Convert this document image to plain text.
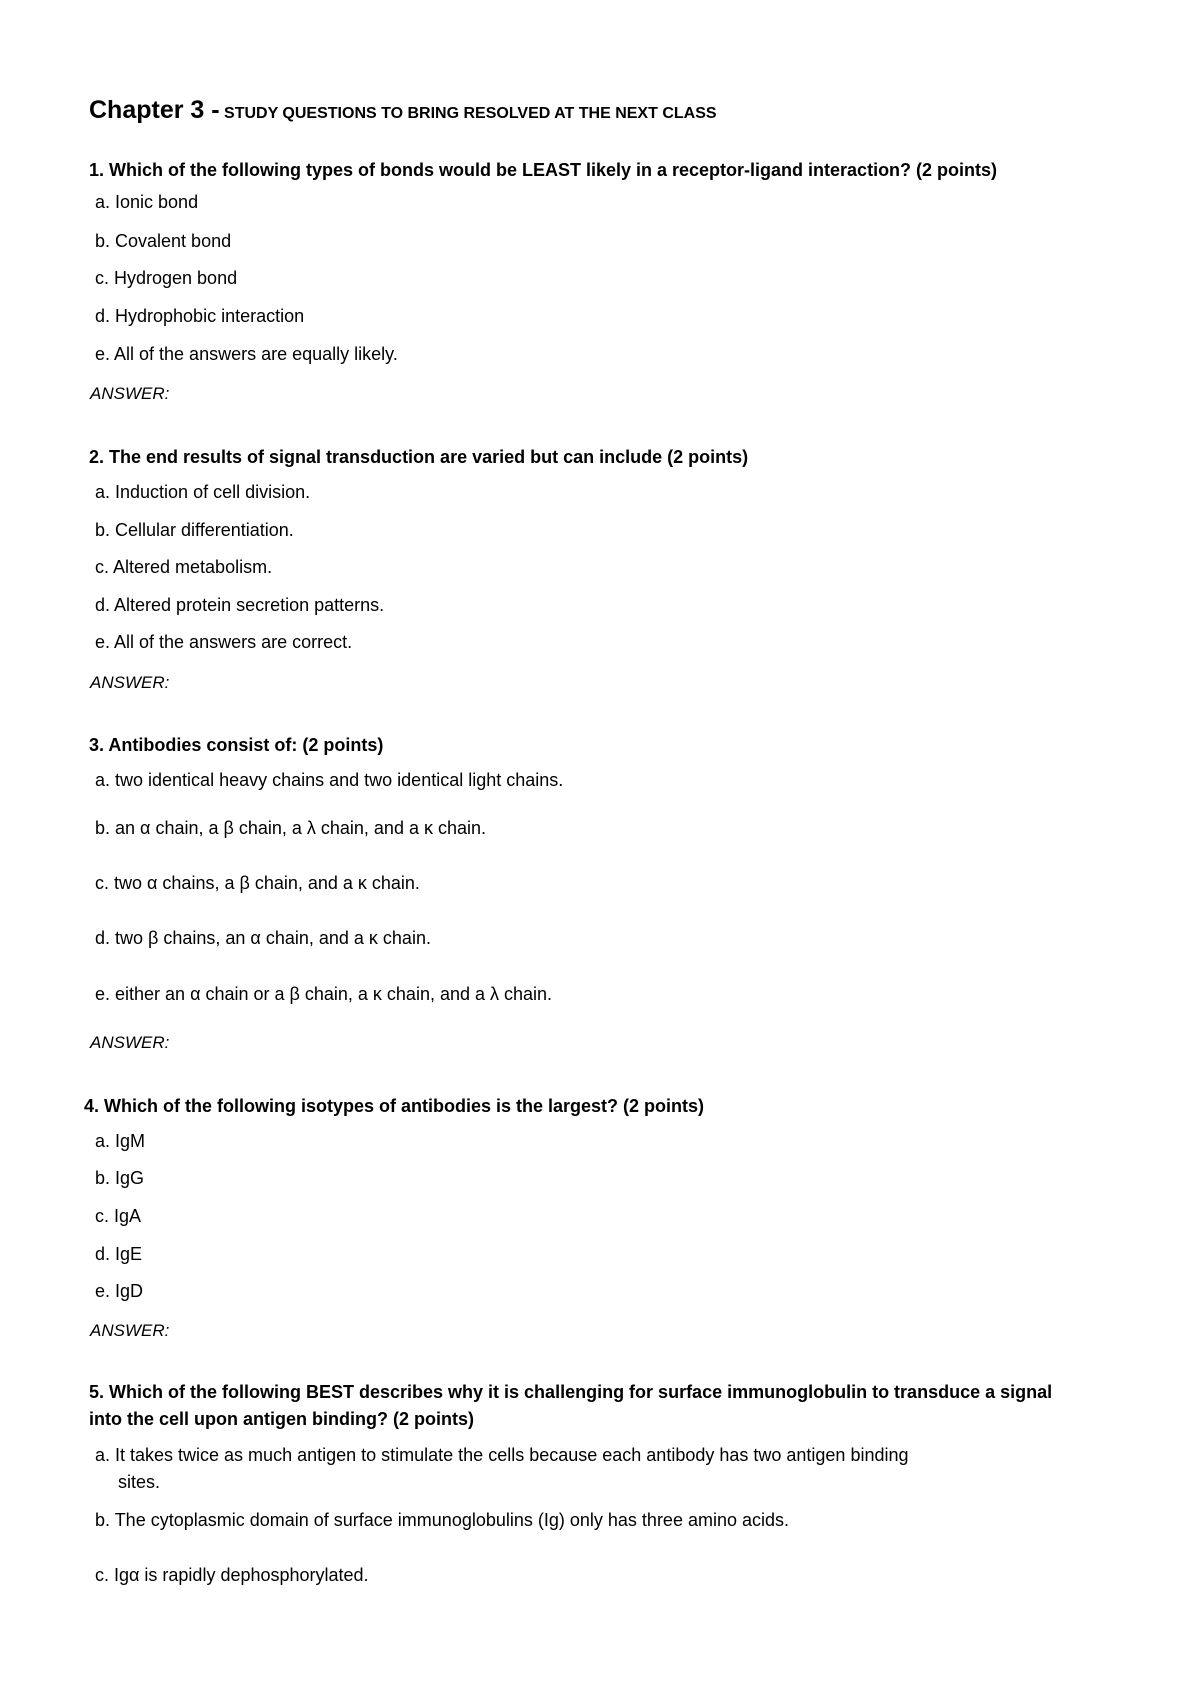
Chapter 3 - STUDY QUESTIONS TO BRING RESOLVED AT THE NEXT CLASS
1. Which of the following types of bonds would be LEAST likely in a receptor-ligand interaction? (2 points)
a. Ionic bond
b. Covalent bond
c. Hydrogen bond
d. Hydrophobic interaction
e. All of the answers are equally likely.
ANSWER:
2. The end results of signal transduction are varied but can include (2 points)
a. Induction of cell division.
b. Cellular differentiation.
c. Altered metabolism.
d. Altered protein secretion patterns.
e. All of the answers are correct.
ANSWER:
3. Antibodies consist of: (2 points)
a. two identical heavy chains and two identical light chains.
b. an α chain, a β chain, a λ chain, and a κ chain.
c. two α chains, a β chain, and a κ chain.
d. two β chains, an α chain, and a κ chain.
e. either an α chain or a β chain, a κ chain, and a λ chain.
ANSWER:
4. Which of the following isotypes of antibodies is the largest? (2 points)
a. IgM
b. IgG
c. IgA
d. IgE
e. IgD
ANSWER:
5. Which of the following BEST describes why it is challenging for surface immunoglobulin to transduce a signal
into the cell upon antigen binding? (2 points)
a. It takes twice as much antigen to stimulate the cells because each antibody has two antigen binding
sites.
b. The cytoplasmic domain of surface immunoglobulins (Ig) only has three amino acids.
c. Igα is rapidly dephosphorylated.
